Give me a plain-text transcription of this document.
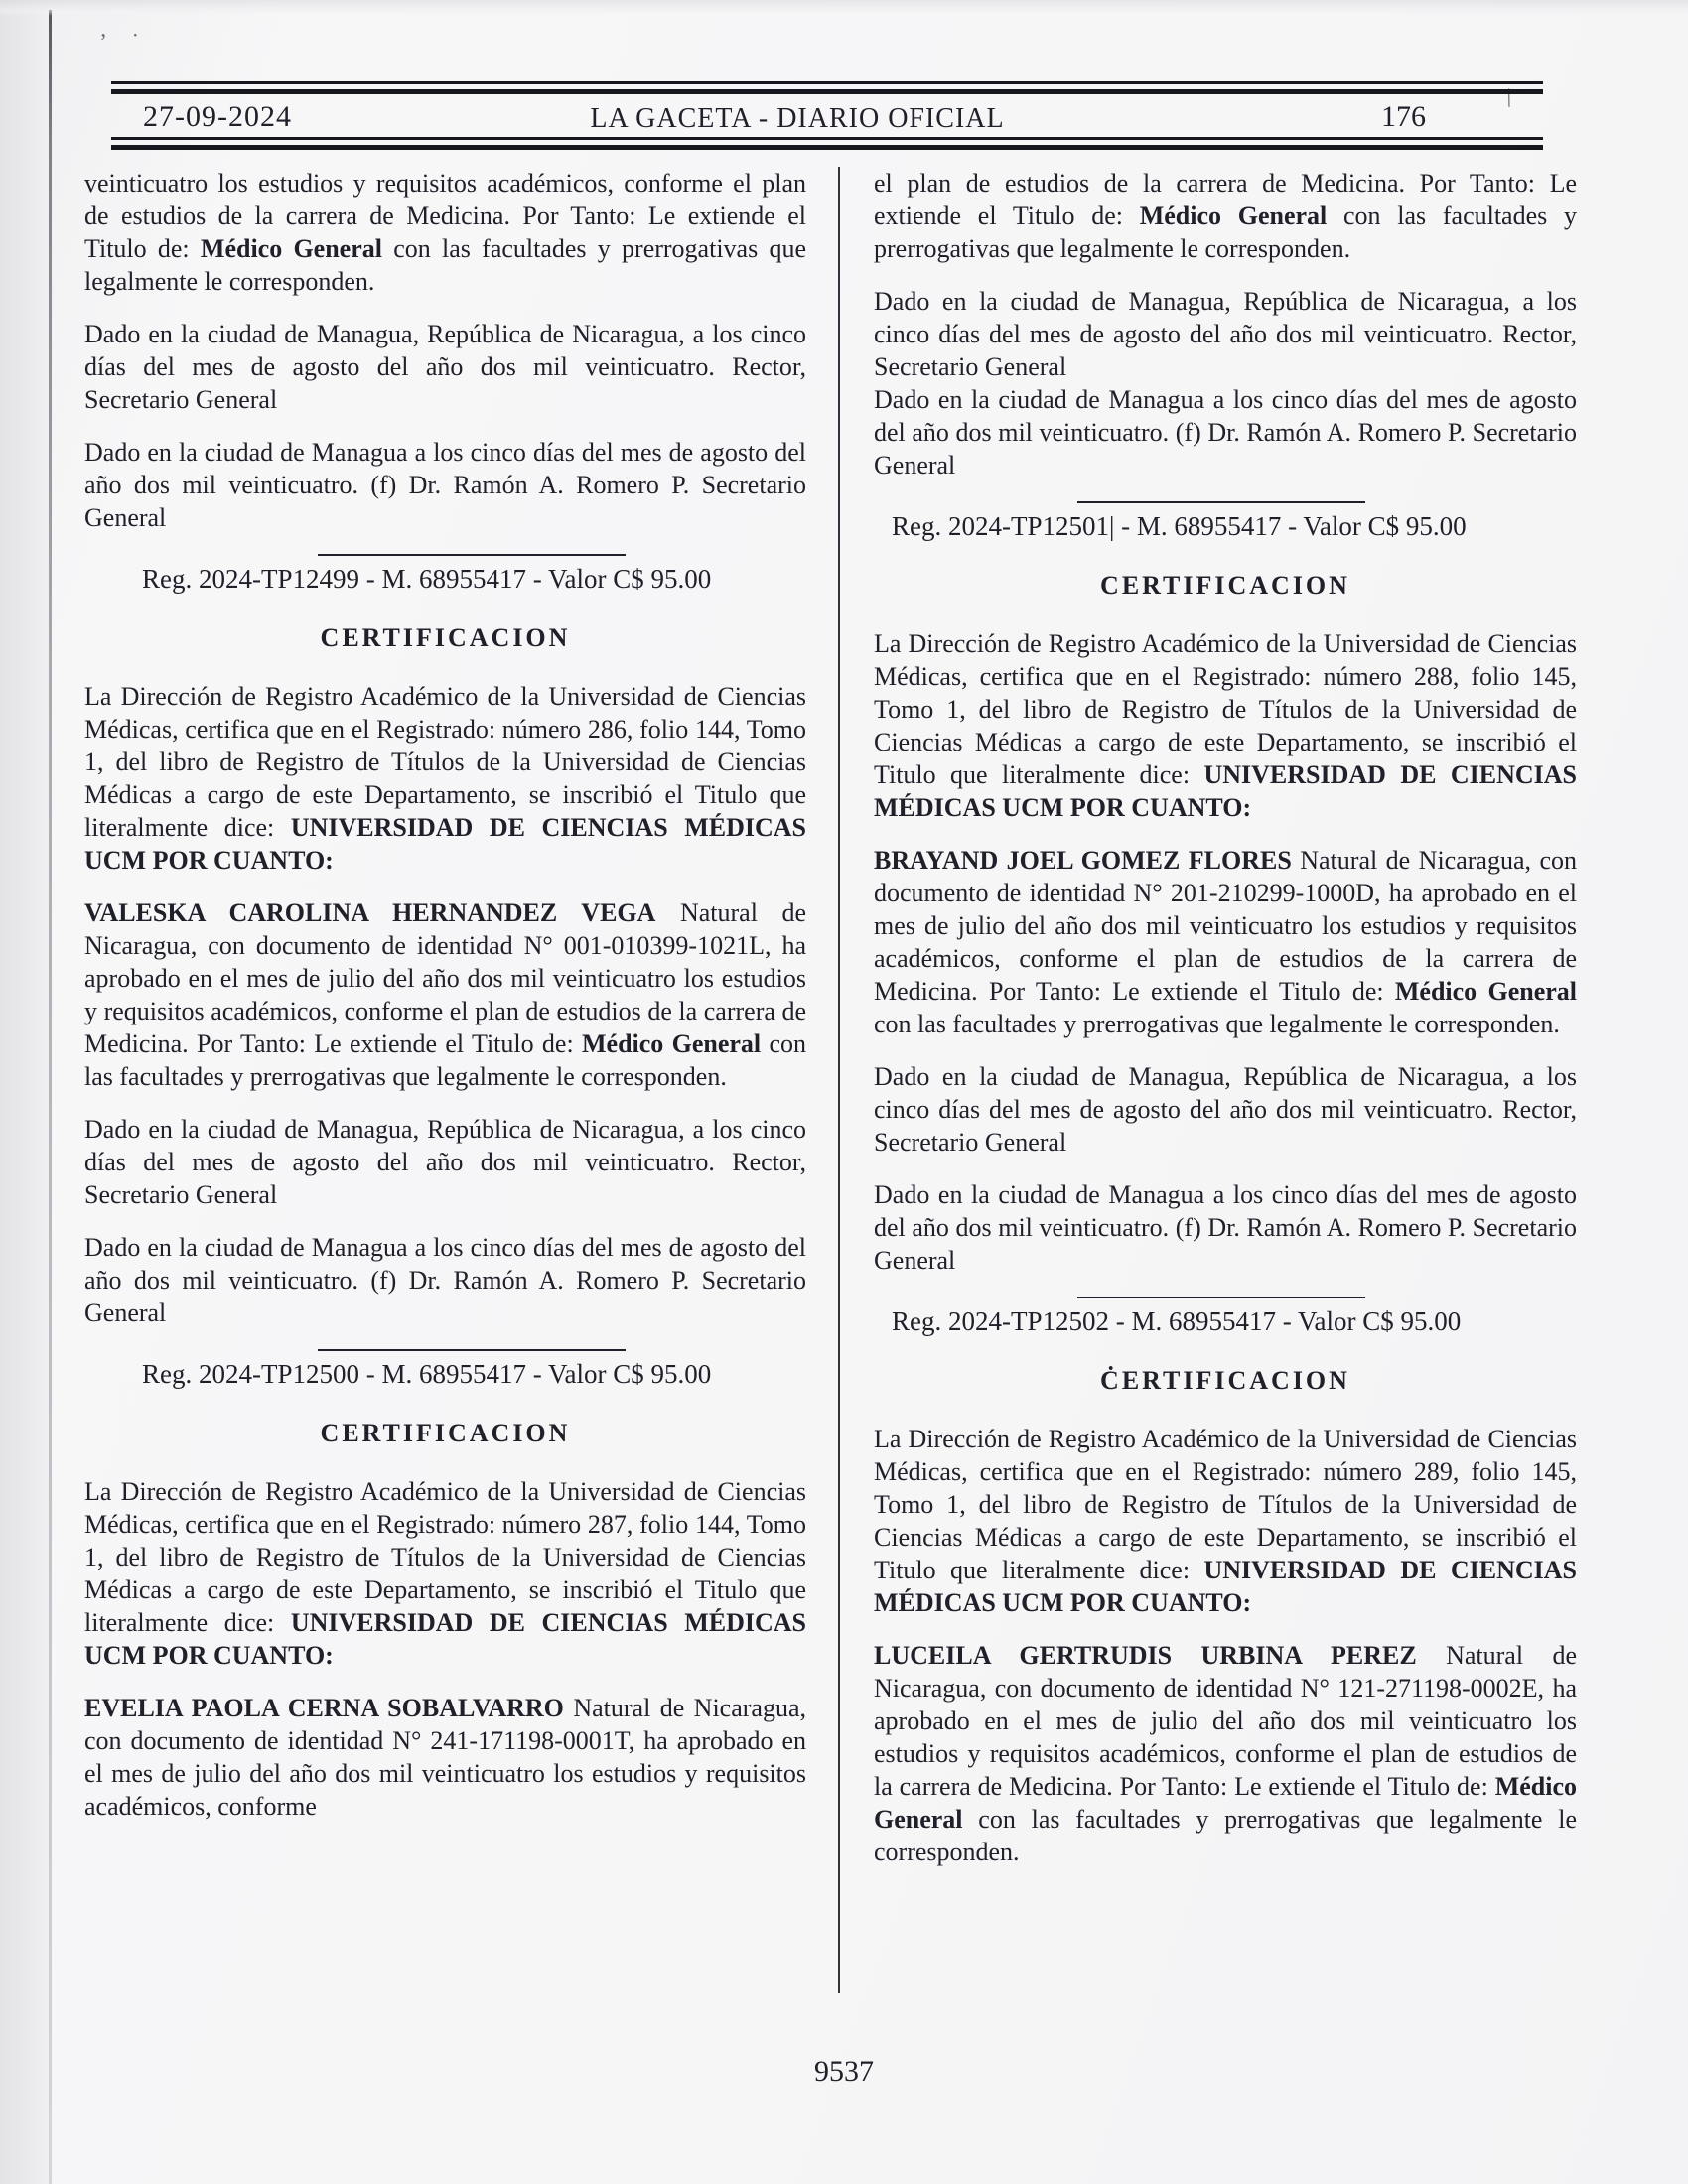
’ ˙
\
27-09-2024	LA GACETA - DIARIO OFICIAL	176

veinticuatro los estudios y requisitos académicos, conforme el plan de estudios de la carrera de Medicina. Por Tanto: Le extiende el Titulo de: Médico General con las facultades y prerrogativas que legalmente le corresponden.

Dado en la ciudad de Managua, República de Nicaragua, a los cinco días del mes de agosto del año dos mil veinticuatro. Rector, Secretario General

Dado en la ciudad de Managua a los cinco días del mes de agosto del año dos mil veinticuatro. (f) Dr. Ramón A. Romero P. Secretario General

Reg. 2024-TP12499 - M. 68955417 - Valor C$ 95.00
CERTIFICACION

La Dirección de Registro Académico de la Universidad de Ciencias Médicas, certifica que en el Registrado: número 286, folio 144, Tomo 1, del libro de Registro de Títulos de la Universidad de Ciencias Médicas a cargo de este Departamento, se inscribió el Titulo que literalmente dice: UNIVERSIDAD DE CIENCIAS MÉDICAS UCM POR CUANTO:

VALESKA CAROLINA HERNANDEZ VEGA Natural de Nicaragua, con documento de identidad N° 001-010399-1021L, ha aprobado en el mes de julio del año dos mil veinticuatro los estudios y requisitos académicos, conforme el plan de estudios de la carrera de Medicina. Por Tanto: Le extiende el Titulo de: Médico General con las facultades y prerrogativas que legalmente le corresponden.

Dado en la ciudad de Managua, República de Nicaragua, a los cinco días del mes de agosto del año dos mil veinticuatro. Rector, Secretario General

Dado en la ciudad de Managua a los cinco días del mes de agosto del año dos mil veinticuatro. (f) Dr. Ramón A. Romero P. Secretario General

Reg. 2024-TP12500 - M. 68955417 - Valor C$ 95.00
CERTIFICACION

La Dirección de Registro Académico de la Universidad de Ciencias Médicas, certifica que en el Registrado: número 287, folio 144, Tomo 1, del libro de Registro de Títulos de la Universidad de Ciencias Médicas a cargo de este Departamento, se inscribió el Titulo que literalmente dice: UNIVERSIDAD DE CIENCIAS MÉDICAS UCM POR CUANTO:

EVELIA PAOLA CERNA SOBALVARRO Natural de Nicaragua, con documento de identidad N° 241-171198-0001T, ha aprobado en el mes de julio del año dos mil veinticuatro los estudios y requisitos académicos, conforme

el plan de estudios de la carrera de Medicina. Por Tanto: Le extiende el Titulo de: Médico General con las facultades y prerrogativas que legalmente le corresponden.

Dado en la ciudad de Managua, República de Nicaragua, a los cinco días del mes de agosto del año dos mil veinticuatro. Rector, Secretario General
Dado en la ciudad de Managua a los cinco días del mes de agosto del año dos mil veinticuatro. (f) Dr. Ramón A. Romero P. Secretario General

Reg. 2024-TP12501| - M. 68955417 - Valor C$ 95.00
CERTIFICACION

La Dirección de Registro Académico de la Universidad de Ciencias Médicas, certifica que en el Registrado: número 288, folio 145, Tomo 1, del libro de Registro de Títulos de la Universidad de Ciencias Médicas a cargo de este Departamento, se inscribió el Titulo que literalmente dice: UNIVERSIDAD DE CIENCIAS MÉDICAS UCM POR CUANTO:

BRAYAND JOEL GOMEZ FLORES Natural de Nicaragua, con documento de identidad N° 201-210299-1000D, ha aprobado en el mes de julio del año dos mil veinticuatro los estudios y requisitos académicos, conforme el plan de estudios de la carrera de Medicina. Por Tanto: Le extiende el Titulo de: Médico General con las facultades y prerrogativas que legalmente le corresponden.

Dado en la ciudad de Managua, República de Nicaragua, a los cinco días del mes de agosto del año dos mil veinticuatro. Rector, Secretario General

Dado en la ciudad de Managua a los cinco días del mes de agosto del año dos mil veinticuatro. (f) Dr. Ramón A. Romero P. Secretario General

Reg. 2024-TP12502 - M. 68955417 - Valor C$ 95.00
ĊERTIFICACION

La Dirección de Registro Académico de la Universidad de Ciencias Médicas, certifica que en el Registrado: número 289, folio 145, Tomo 1, del libro de Registro de Títulos de la Universidad de Ciencias Médicas a cargo de este Departamento, se inscribió el Titulo que literalmente dice: UNIVERSIDAD DE CIENCIAS MÉDICAS UCM POR CUANTO:

LUCEILA GERTRUDIS URBINA PEREZ Natural de Nicaragua, con documento de identidad N° 121-271198-0002E, ha aprobado en el mes de julio del año dos mil veinticuatro los estudios y requisitos académicos, conforme el plan de estudios de la carrera de Medicina. Por Tanto: Le extiende el Titulo de: Médico General con las facultades y prerrogativas que legalmente le corresponden.

9537
